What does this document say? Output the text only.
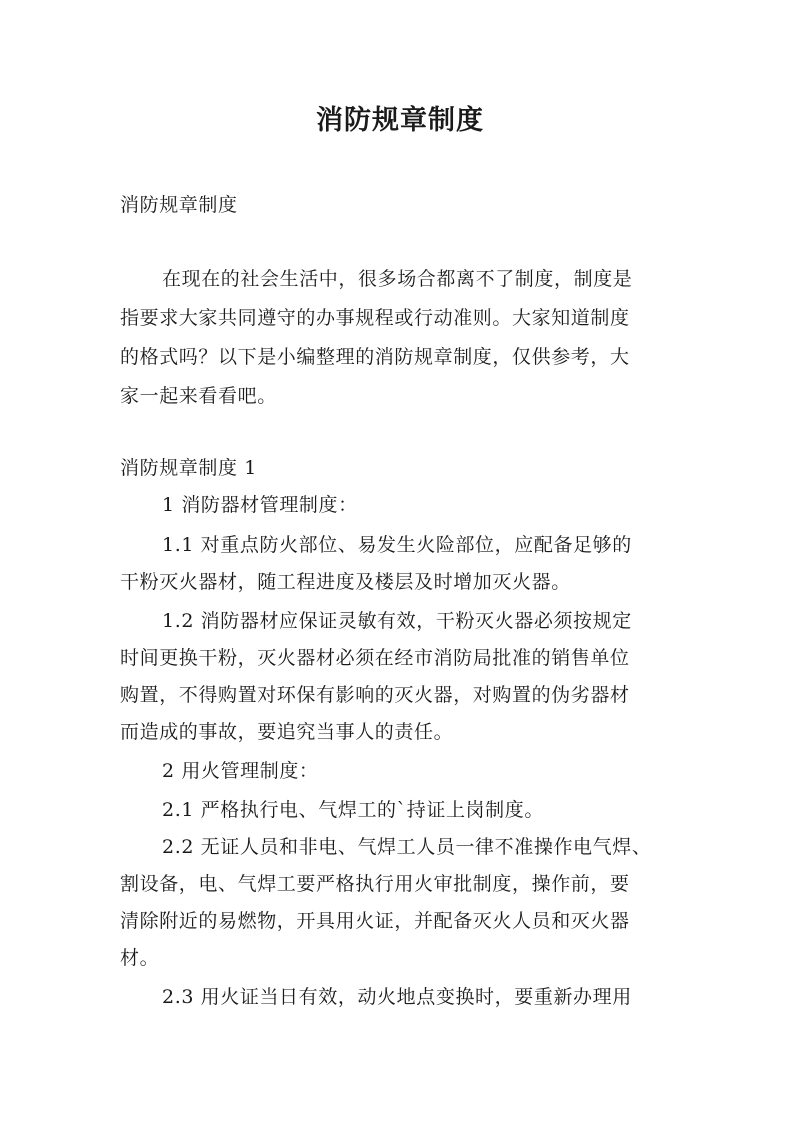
消防规章制度

消防规章制度

在现在的社会生活中，很多场合都离不了制度，制度是

指要求大家共同遵守的办事规程或行动准则。大家知道制度

的格式吗？以下是小编整理的消防规章制度，仅供参考，大

家一起来看看吧。

消防规章制度 1

1 消防器材管理制度：

1.1 对重点防火部位、易发生火险部位，应配备足够的

干粉灭火器材，随工程进度及楼层及时增加灭火器。

1.2 消防器材应保证灵敏有效，干粉灭火器必须按规定

时间更换干粉，灭火器材必须在经市消防局批准的销售单位

购置，不得购置对环保有影响的灭火器，对购置的伪劣器材

而造成的事故，要追究当事人的责任。

2 用火管理制度：

2.1 严格执行电、气焊工的`持证上岗制度。

2.2 无证人员和非电、气焊工人员一律不准操作电气焊、

割设备，电、气焊工要严格执行用火审批制度，操作前，要

清除附近的易燃物，开具用火证，并配备灭火人员和灭火器

材。

2.3 用火证当日有效，动火地点变换时，要重新办理用
